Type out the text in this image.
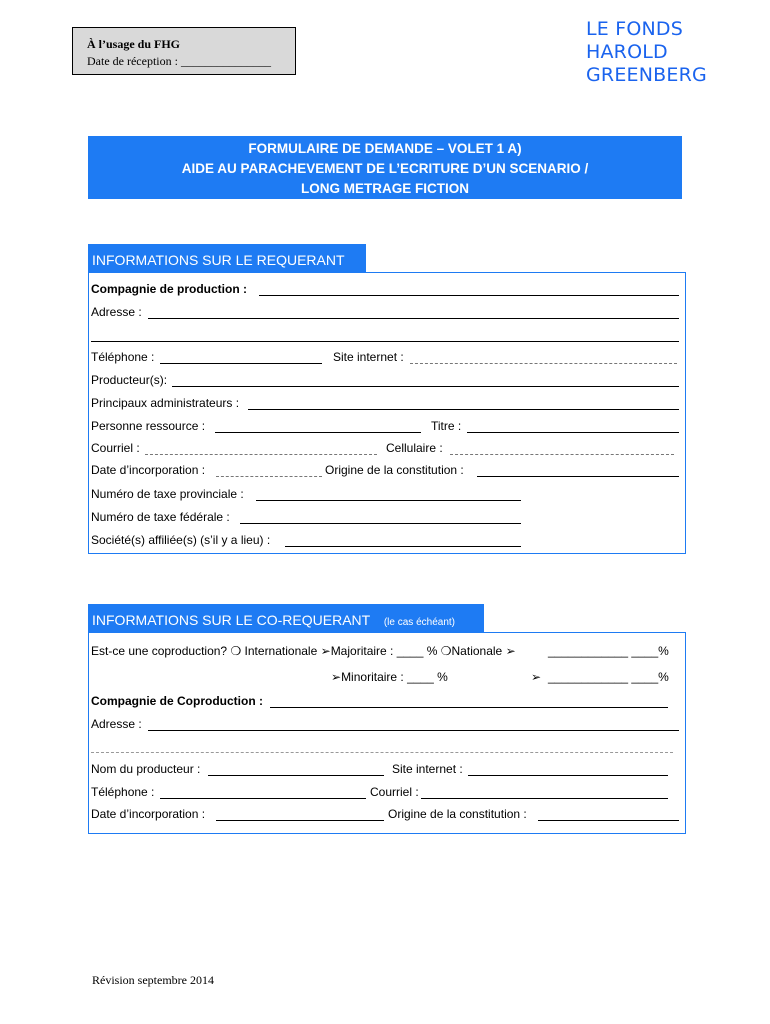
À l’usage du FHG
Date de réception : _______________
LE FONDS
HAROLD
GREENBERG
FORMULAIRE DE DEMANDE – VOLET 1 A)
AIDE AU PARACHEVEMENT DE L’ECRITURE D’UN SCENARIO /
LONG METRAGE FICTION
INFORMATIONS SUR LE REQUERANT
Compagnie de production :
Adresse :
Téléphone :	Site internet :
Producteur(s):
Principaux administrateurs :
Personne ressource :	Titre :
Courriel :	Cellulaire :
Date d’incorporation :	Origine de la constitution :
Numéro de taxe provinciale :
Numéro de taxe fédérale :
Société(s) affiliée(s) (s’il y a lieu) :
INFORMATIONS SUR LE CO-REQUERANT (le cas échéant)
Est-ce une coproduction? ❍ Internationale ➢Majoritaire : ____ % ❍Nationale ➢	____________ ____%
➢Minoritaire : ____ %	➢ ____________ ____%
Compagnie de Coproduction :
Adresse :
Nom du producteur :	Site internet :
Téléphone :	Courriel :
Date d’incorporation :	Origine de la constitution :
Révision septembre 2014
